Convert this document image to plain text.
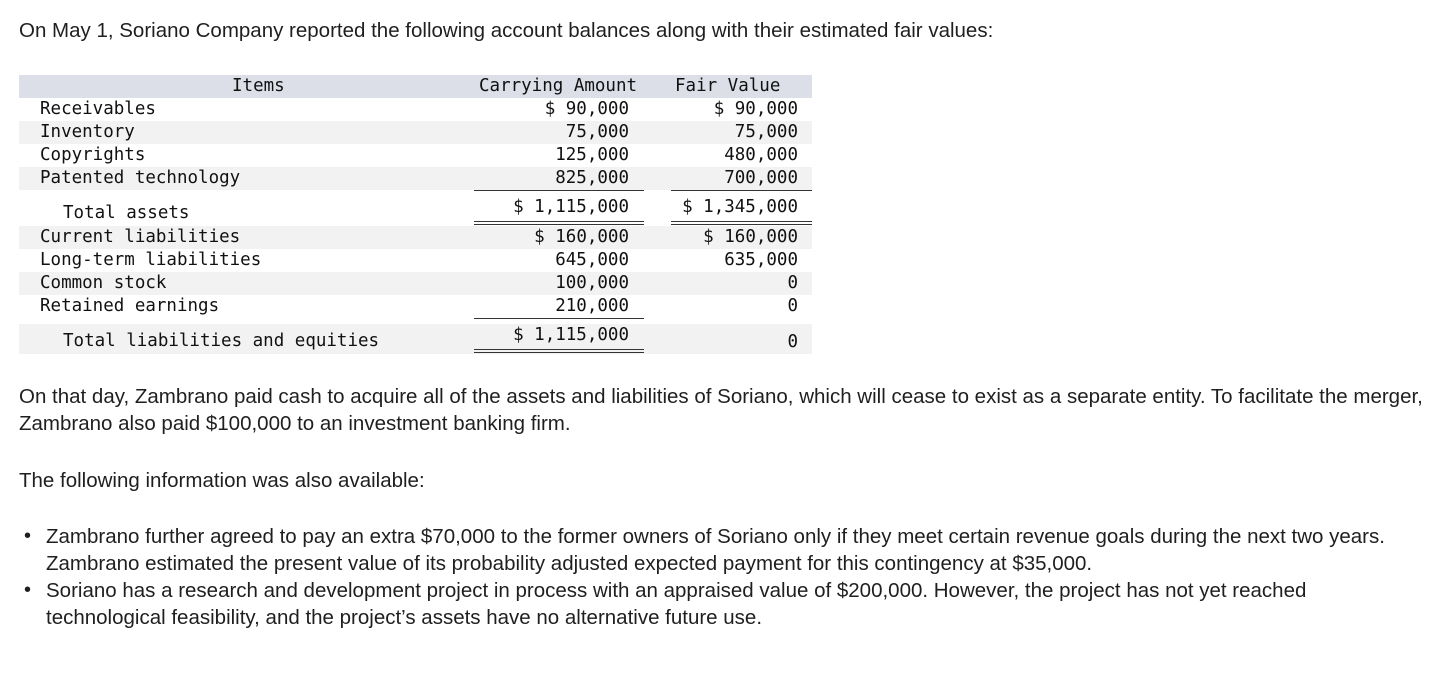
On May 1, Soriano Company reported the following account balances along with their estimated fair values:

Items	Carrying Amount Fair Value
Receivables	$ 90,000	$ 90,000
Inventory	75,000	75,000
Copyrights	125,000	480,000
Patented technology	825,000	700,000
Total assets	$ 1,115,000	$ 1,345,000
Current liabilities	$ 160,000	$ 160,000
Long-term liabilities	645,000	635,000
Common stock	100,000	0
Retained earnings	210,000	0
Total liabilities and equities	$ 1,115,000	0

On that day, Zambrano paid cash to acquire all of the assets and liabilities of Soriano, which will cease to exist as a separate entity. To facilitate the merger, Zambrano also paid $100,000 to an investment banking firm.

The following information was also available:

• Zambrano further agreed to pay an extra $70,000 to the former owners of Soriano only if they meet certain revenue goals during the next two years. Zambrano estimated the present value of its probability adjusted expected payment for this contingency at $35,000.
• Soriano has a research and development project in process with an appraised value of $200,000. However, the project has not yet reached technological feasibility, and the project’s assets have no alternative future use.
